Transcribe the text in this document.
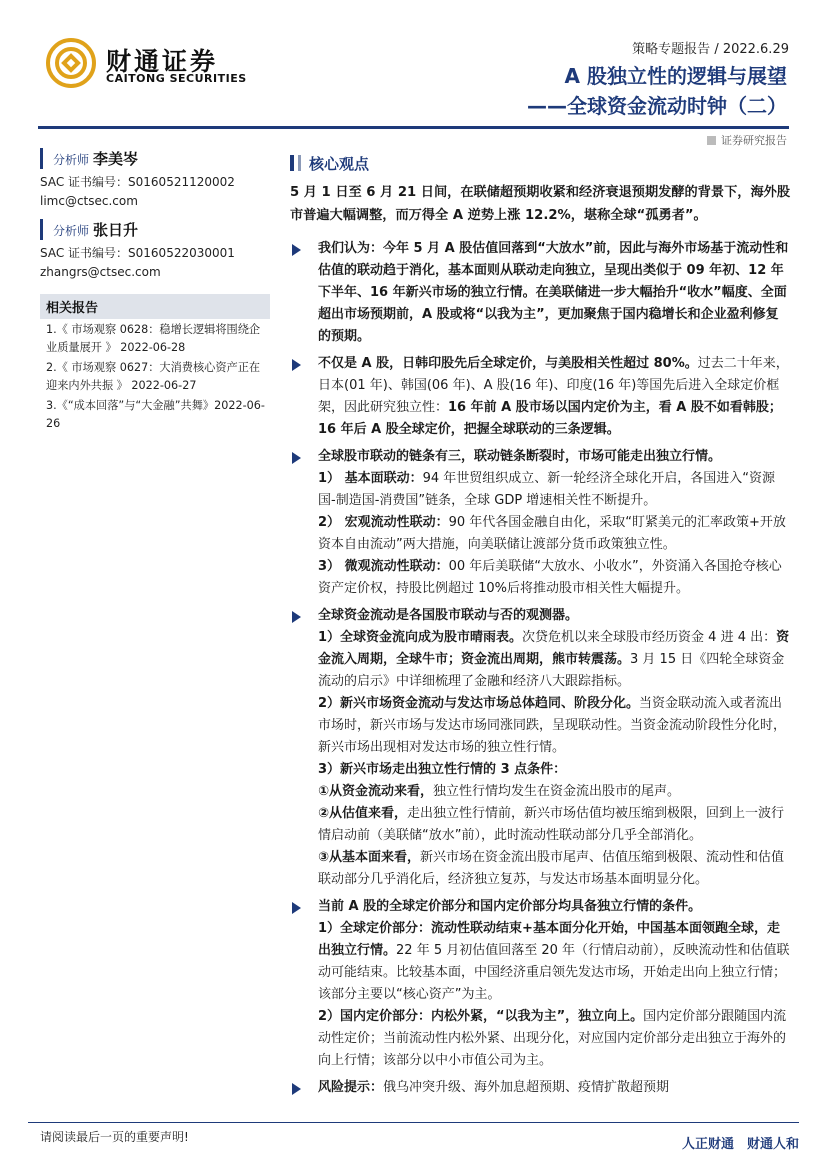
财通证券
CAITONG SECURITIES
策略专题报告 / 2022.6.29
A 股独立性的逻辑与展望
——全球资金流动时钟（二）
证券研究报告
分析师 李美岑
SAC 证书编号：S0160521120002
limc@ctsec.com
分析师 张日升
SAC 证书编号：S0160522030001
zhangrs@ctsec.com
相关报告
1.《 市场观察 0628：稳增长逻辑将围绕企业质量展开 》 2022-06-28
2.《 市场观察 0627：大消费核心资产正在迎来内外共振 》 2022-06-27
3.《“成本回落”与“大金融”共舞》2022-06-26
核心观点
5 月 1 日至 6 月 21 日间，在联储超预期收紧和经济衰退预期发酵的背景下，海外股市普遍大幅调整，而万得全 A 逆势上涨 12.2%，堪称全球“孤勇者”。
我们认为：今年 5 月 A 股估值回落到“大放水”前，因此与海外市场基于流动性和估值的联动趋于消化，基本面则从联动走向独立，呈现出类似于 09 年初、12 年下半年、16 年新兴市场的独立行情。在美联储进一步大幅抬升“收水”幅度、全面超出市场预期前，A 股或将“以我为主”，更加聚焦于国内稳增长和企业盈利修复的预期。
不仅是 A 股，日韩印股先后全球定价，与美股相关性超过 80%。过去二十年来，日本(01 年)、韩国(06 年)、A 股(16 年)、印度(16 年)等国先后进入全球定价框架，因此研究独立性：16 年前 A 股市场以国内定价为主，看 A 股不如看韩股；16 年后 A 股全球定价，把握全球联动的三条逻辑。
全球股市联动的链条有三，联动链条断裂时，市场可能走出独立行情。
1） 基本面联动：94 年世贸组织成立、新一轮经济全球化开启，各国进入“资源国-制造国-消费国”链条，全球 GDP 增速相关性不断提升。
2） 宏观流动性联动：90 年代各国金融自由化，采取“盯紧美元的汇率政策+开放资本自由流动”两大措施，向美联储让渡部分货币政策独立性。
3） 微观流动性联动：00 年后美联储“大放水、小收水”，外资涌入各国抢夺核心资产定价权，持股比例超过 10%后将推动股市相关性大幅提升。
全球资金流动是各国股市联动与否的观测器。
1）全球资金流向成为股市晴雨表。次贷危机以来全球股市经历资金 4 进 4 出：资金流入周期，全球牛市；资金流出周期，熊市转震荡。3 月 15 日《四轮全球资金流动的启示》中详细梳理了金融和经济八大跟踪指标。
2）新兴市场资金流动与发达市场总体趋同、阶段分化。当资金联动流入或者流出市场时，新兴市场与发达市场同涨同跌，呈现联动性。当资金流动阶段性分化时，新兴市场出现相对发达市场的独立性行情。
3）新兴市场走出独立性行情的 3 点条件：
①从资金流动来看，独立性行情均发生在资金流出股市的尾声。
②从估值来看，走出独立性行情前，新兴市场估值均被压缩到极限，回到上一波行情启动前（美联储“放水”前），此时流动性联动部分几乎全部消化。
③从基本面来看，新兴市场在资金流出股市尾声、估值压缩到极限、流动性和估值联动部分几乎消化后，经济独立复苏，与发达市场基本面明显分化。
当前 A 股的全球定价部分和国内定价部分均具备独立行情的条件。
1）全球定价部分：流动性联动结束+基本面分化开始，中国基本面领跑全球，走出独立行情。22 年 5 月初估值回落至 20 年（行情启动前），反映流动性和估值联动可能结束。比较基本面，中国经济重启领先发达市场，开始走出向上独立行情；该部分主要以“核心资产”为主。
2）国内定价部分：内松外紧，“以我为主”，独立向上。国内定价部分跟随国内流动性定价；当前流动性内松外紧、出现分化，对应国内定价部分走出独立于海外的向上行情；该部分以中小市值公司为主。
风险提示：俄乌冲突升级、海外加息超预期、疫情扩散超预期
请阅读最后一页的重要声明!	人正财通　财通人和
